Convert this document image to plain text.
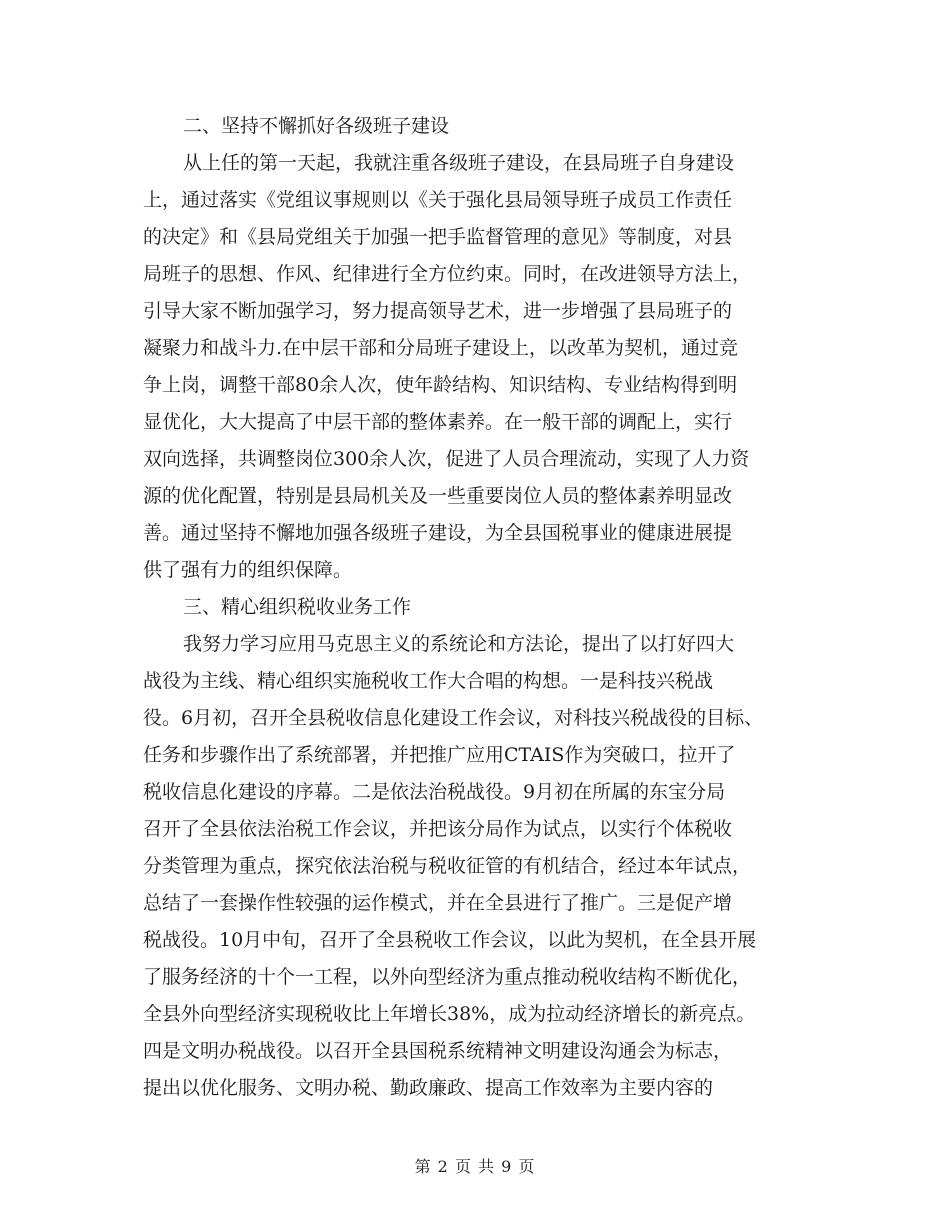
二、坚持不懈抓好各级班子建设
从上任的第一天起，我就注重各级班子建设，在县局班子自身建设
上，通过落实《党组议事规则以《关于强化县局领导班子成员工作责任
的决定》和《县局党组关于加强一把手监督管理的意见》等制度，对县
局班子的思想、作风、纪律进行全方位约束。同时，在改进领导方法上，
引导大家不断加强学习，努力提高领导艺术，进一步增强了县局班子的
凝聚力和战斗力.在中层干部和分局班子建设上，以改革为契机，通过竞
争上岗，调整干部80余人次，使年龄结构、知识结构、专业结构得到明
显优化，大大提高了中层干部的整体素养。在一般干部的调配上，实行
双向选择，共调整岗位300余人次，促进了人员合理流动，实现了人力资
源的优化配置，特别是县局机关及一些重要岗位人员的整体素养明显改
善。通过坚持不懈地加强各级班子建设，为全县国税事业的健康进展提
供了强有力的组织保障。
三、精心组织税收业务工作
我努力学习应用马克思主义的系统论和方法论，提出了以打好四大
战役为主线、精心组织实施税收工作大合唱的构想。一是科技兴税战
役。6月初，召开全县税收信息化建设工作会议，对科技兴税战役的目标、
任务和步骤作出了系统部署，并把推广应用CTAIS作为突破口，拉开了
税收信息化建设的序幕。二是依法治税战役。9月初在所属的东宝分局
召开了全县依法治税工作会议，并把该分局作为试点，以实行个体税收
分类管理为重点，探究依法治税与税收征管的有机结合，经过本年试点，
总结了一套操作性较强的运作模式，并在全县进行了推广。三是促产增
税战役。10月中旬，召开了全县税收工作会议，以此为契机，在全县开展
了服务经济的十个一工程，以外向型经济为重点推动税收结构不断优化，
全县外向型经济实现税收比上年增长38%，成为拉动经济增长的新亮点。
四是文明办税战役。以召开全县国税系统精神文明建设沟通会为标志，
提出以优化服务、文明办税、勤政廉政、提高工作效率为主要内容的
第 2 页 共 9 页
